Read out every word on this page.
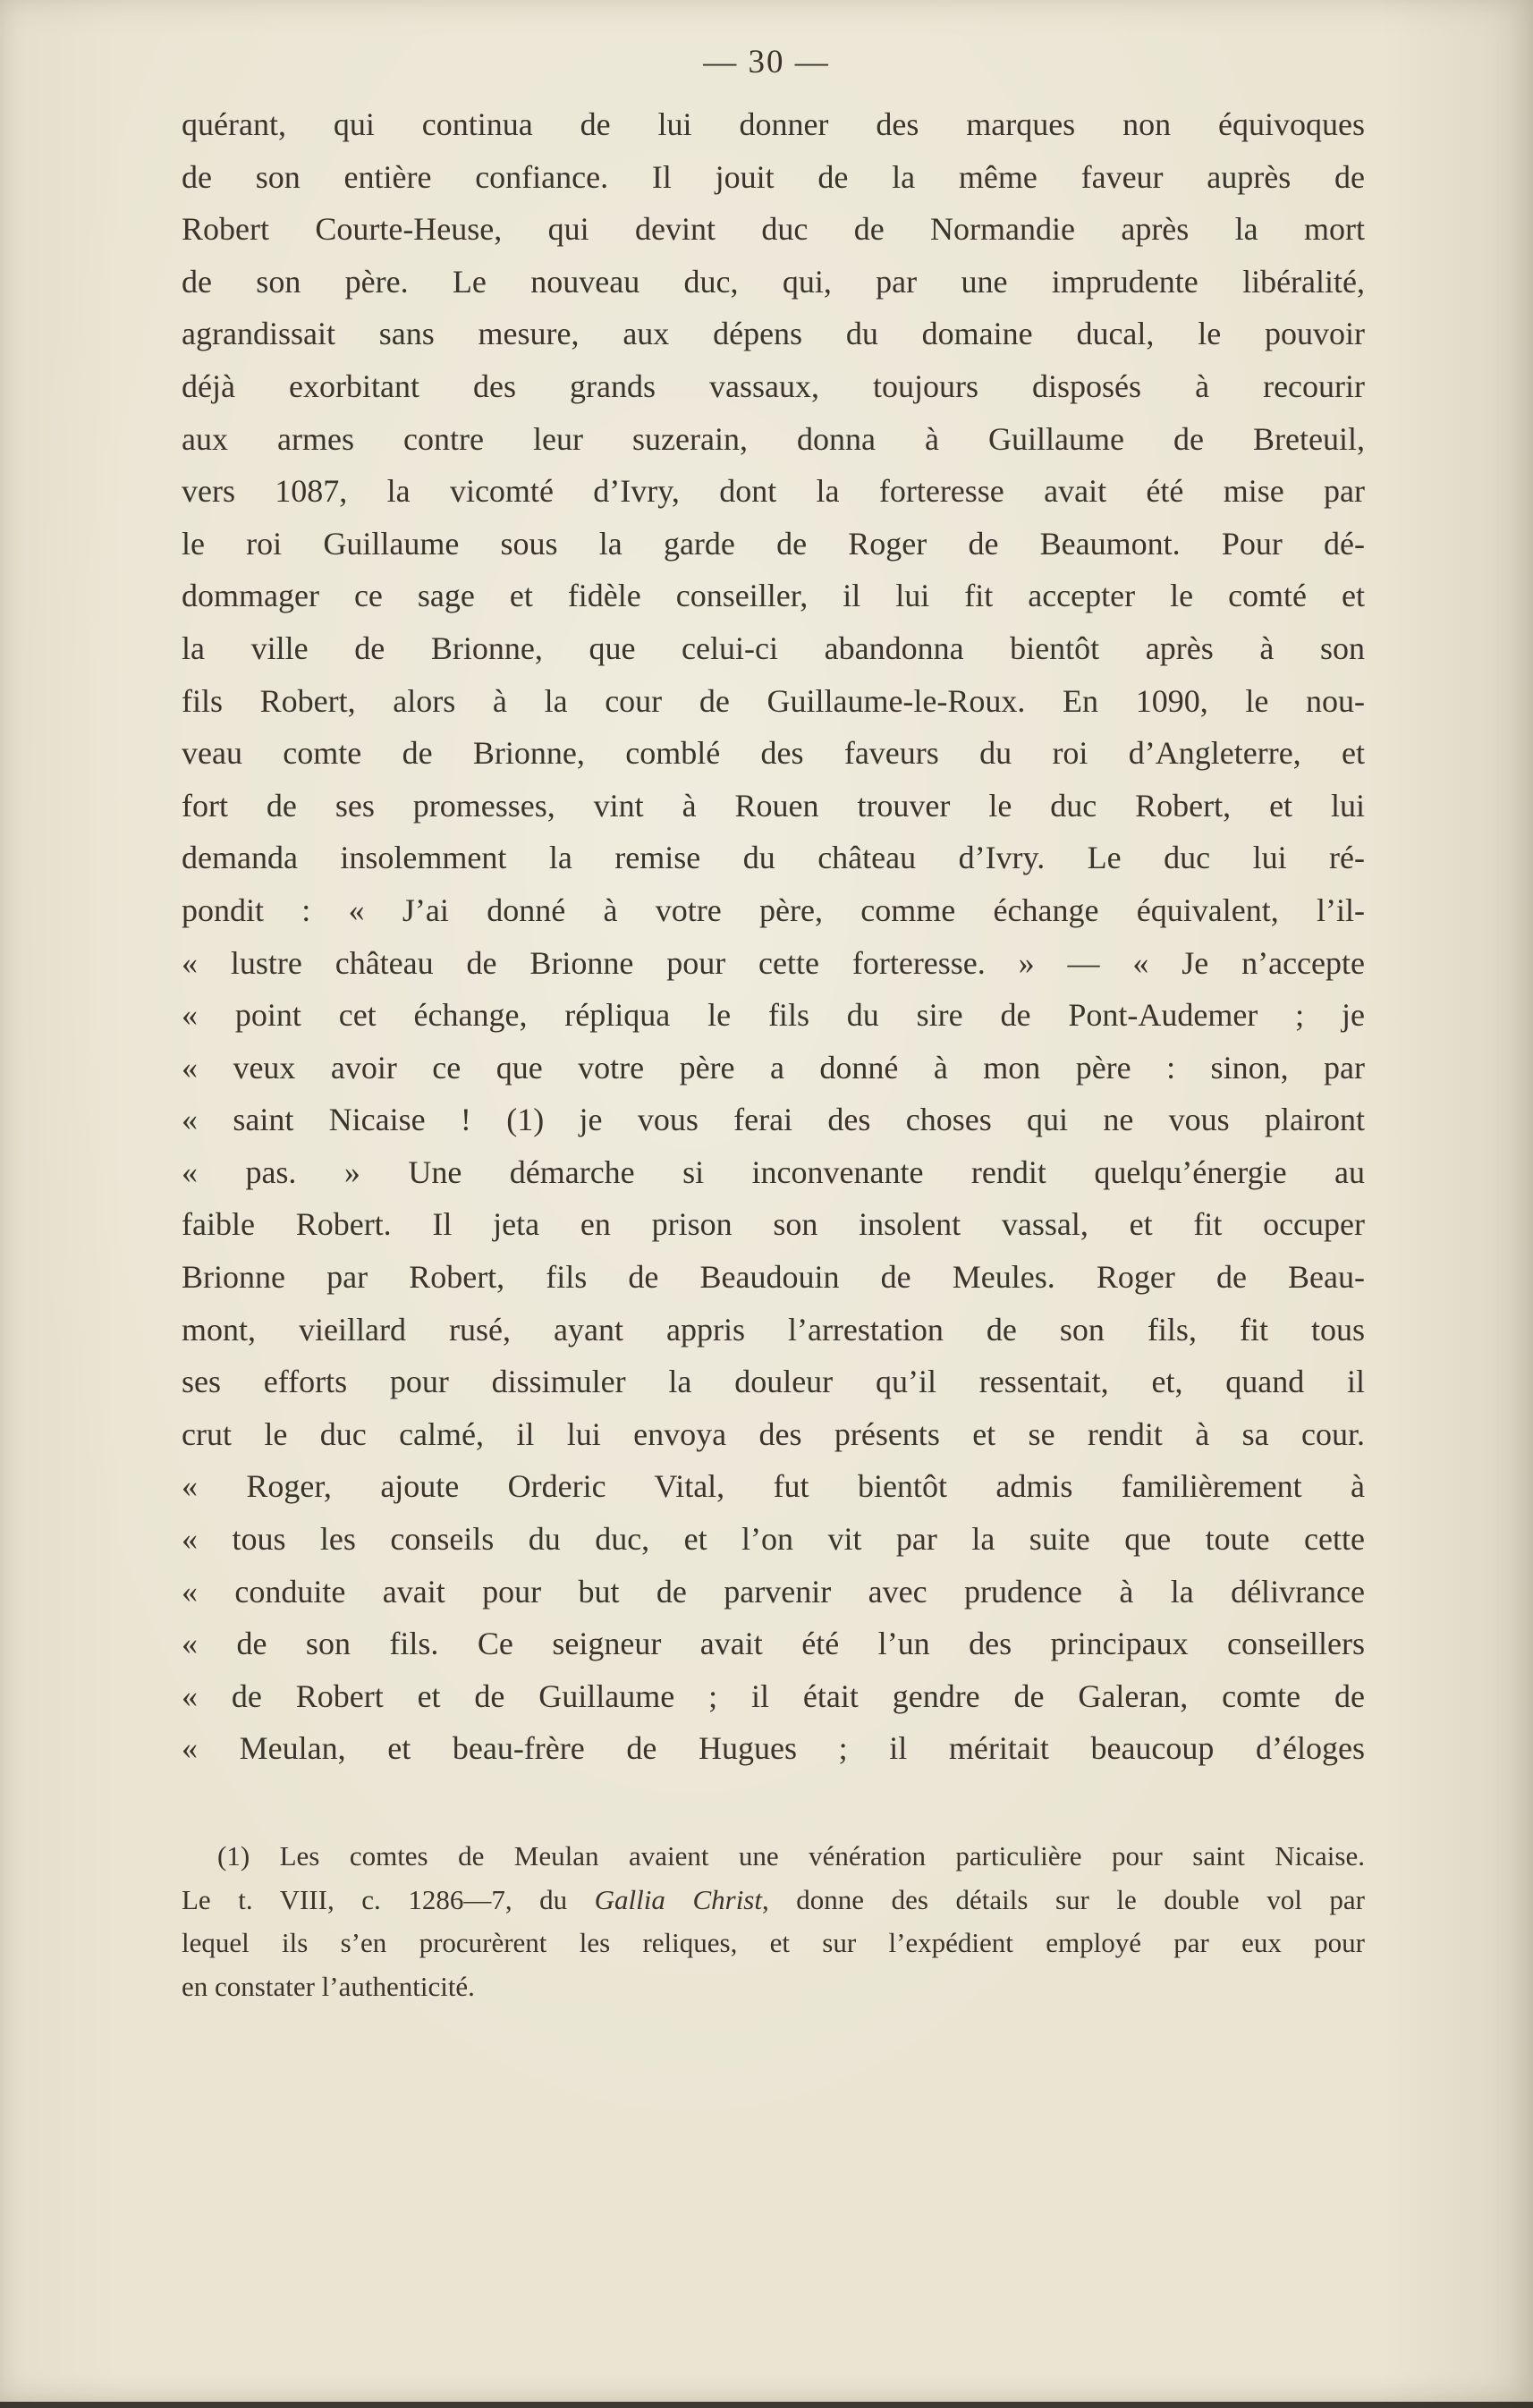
— 30 —
quérant, qui continua de lui donner des marques non équivoques
de son entière confiance. Il jouit de la même faveur auprès de
Robert Courte-Heuse, qui devint duc de Normandie après la mort
de son père. Le nouveau duc, qui, par une imprudente libéralité,
agrandissait sans mesure, aux dépens du domaine ducal, le pouvoir
déjà exorbitant des grands vassaux, toujours disposés à recourir
aux armes contre leur suzerain, donna à Guillaume de Breteuil,
vers 1087, la vicomté d’Ivry, dont la forteresse avait été mise par
le roi Guillaume sous la garde de Roger de Beaumont. Pour dé-
dommager ce sage et fidèle conseiller, il lui fit accepter le comté et
la ville de Brionne, que celui-ci abandonna bientôt après à son
fils Robert, alors à la cour de Guillaume-le-Roux. En 1090, le nou-
veau comte de Brionne, comblé des faveurs du roi d’Angleterre, et
fort de ses promesses, vint à Rouen trouver le duc Robert, et lui
demanda insolemment la remise du château d’Ivry. Le duc lui ré-
pondit : « J’ai donné à votre père, comme échange équivalent, l’il-
« lustre château de Brionne pour cette forteresse. » — « Je n’accepte
« point cet échange, répliqua le fils du sire de Pont-Audemer ; je
« veux avoir ce que votre père a donné à mon père : sinon, par
« saint Nicaise ! (1) je vous ferai des choses qui ne vous plairont
« pas. » Une démarche si inconvenante rendit quelqu’énergie au
faible Robert. Il jeta en prison son insolent vassal, et fit occuper
Brionne par Robert, fils de Beaudouin de Meules. Roger de Beau-
mont, vieillard rusé, ayant appris l’arrestation de son fils, fit tous
ses efforts pour dissimuler la douleur qu’il ressentait, et, quand il
crut le duc calmé, il lui envoya des présents et se rendit à sa cour.
« Roger, ajoute Orderic Vital, fut bientôt admis familièrement à
« tous les conseils du duc, et l’on vit par la suite que toute cette
« conduite avait pour but de parvenir avec prudence à la délivrance
« de son fils. Ce seigneur avait été l’un des principaux conseillers
« de Robert et de Guillaume ; il était gendre de Galeran, comte de
« Meulan, et beau-frère de Hugues ; il méritait beaucoup d’éloges
(1) Les comtes de Meulan avaient une vénération particulière pour saint Nicaise.
Le t. VIII, c. 1286—7, du Gallia Christ, donne des détails sur le double vol par
lequel ils s’en procurèrent les reliques, et sur l’expédient employé par eux pour
en constater l’authenticité.
